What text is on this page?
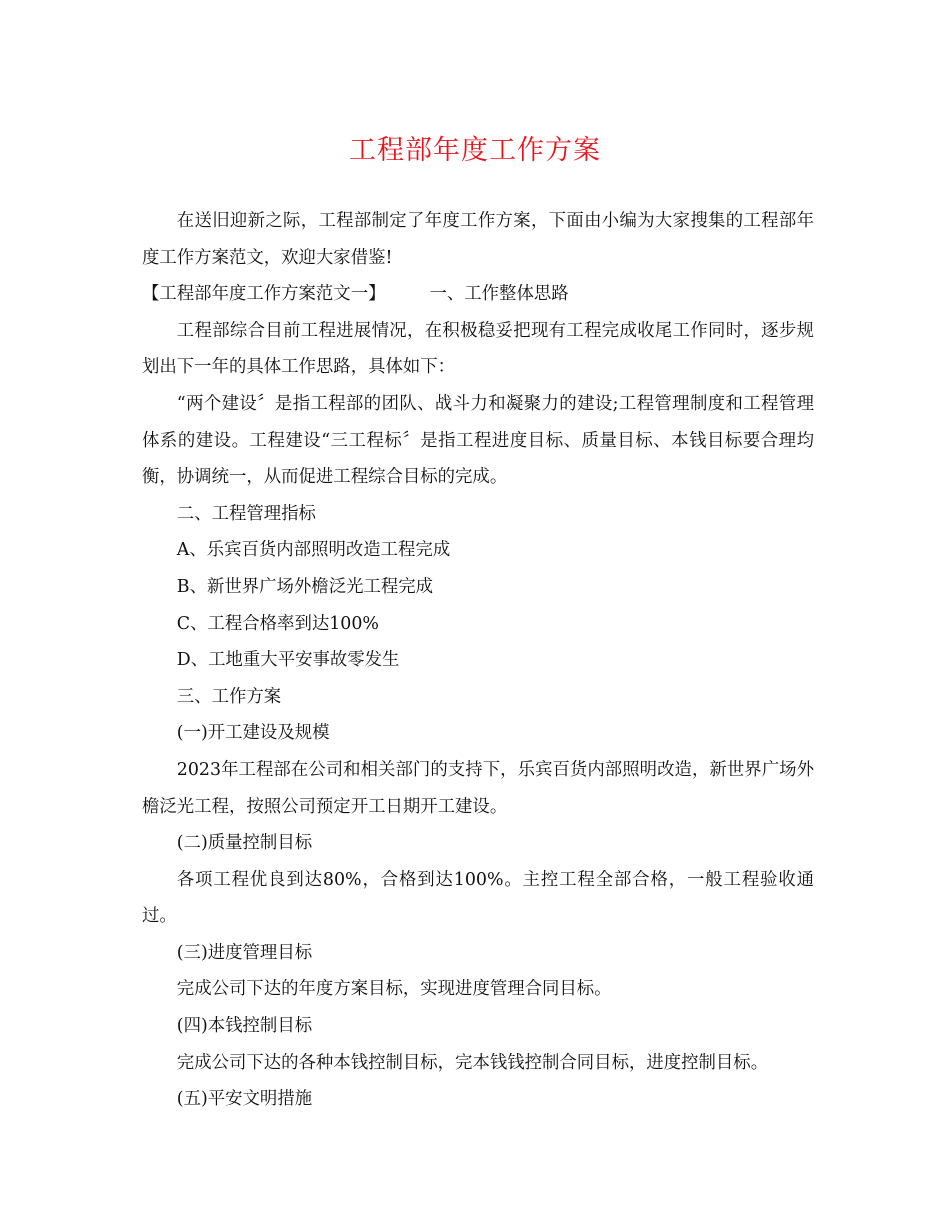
工程部年度工作方案

在送旧迎新之际，工程部制定了年度工作方案，下面由小编为大家搜集的工程部年度工作方案范文，欢迎大家借鉴!

【工程部年度工作方案范文一】	一、工作整体思路

工程部综合目前工程进展情况，在积极稳妥把现有工程完成收尾工作同时，逐步规划出下一年的具体工作思路，具体如下：

“两个建设〞是指工程部的团队、战斗力和凝聚力的建设;工程管理制度和工程管理体系的建设。工程建设“三工程标〞是指工程进度目标、质量目标、本钱目标要合理均衡，协调统一，从而促进工程综合目标的完成。

二、工程管理指标

A、乐宾百货内部照明改造工程完成

B、新世界广场外檐泛光工程完成

C、工程合格率到达100%

D、工地重大平安事故零发生

三、工作方案

(一)开工建设及规模

2023年工程部在公司和相关部门的支持下，乐宾百货内部照明改造，新世界广场外檐泛光工程，按照公司预定开工日期开工建设。

(二)质量控制目标

各项工程优良到达80%，合格到达100%。主控工程全部合格，一般工程验收通过。

(三)进度管理目标

完成公司下达的年度方案目标，实现进度管理合同目标。

(四)本钱控制目标

完成公司下达的各种本钱控制目标，完本钱钱控制合同目标，进度控制目标。

(五)平安文明措施
